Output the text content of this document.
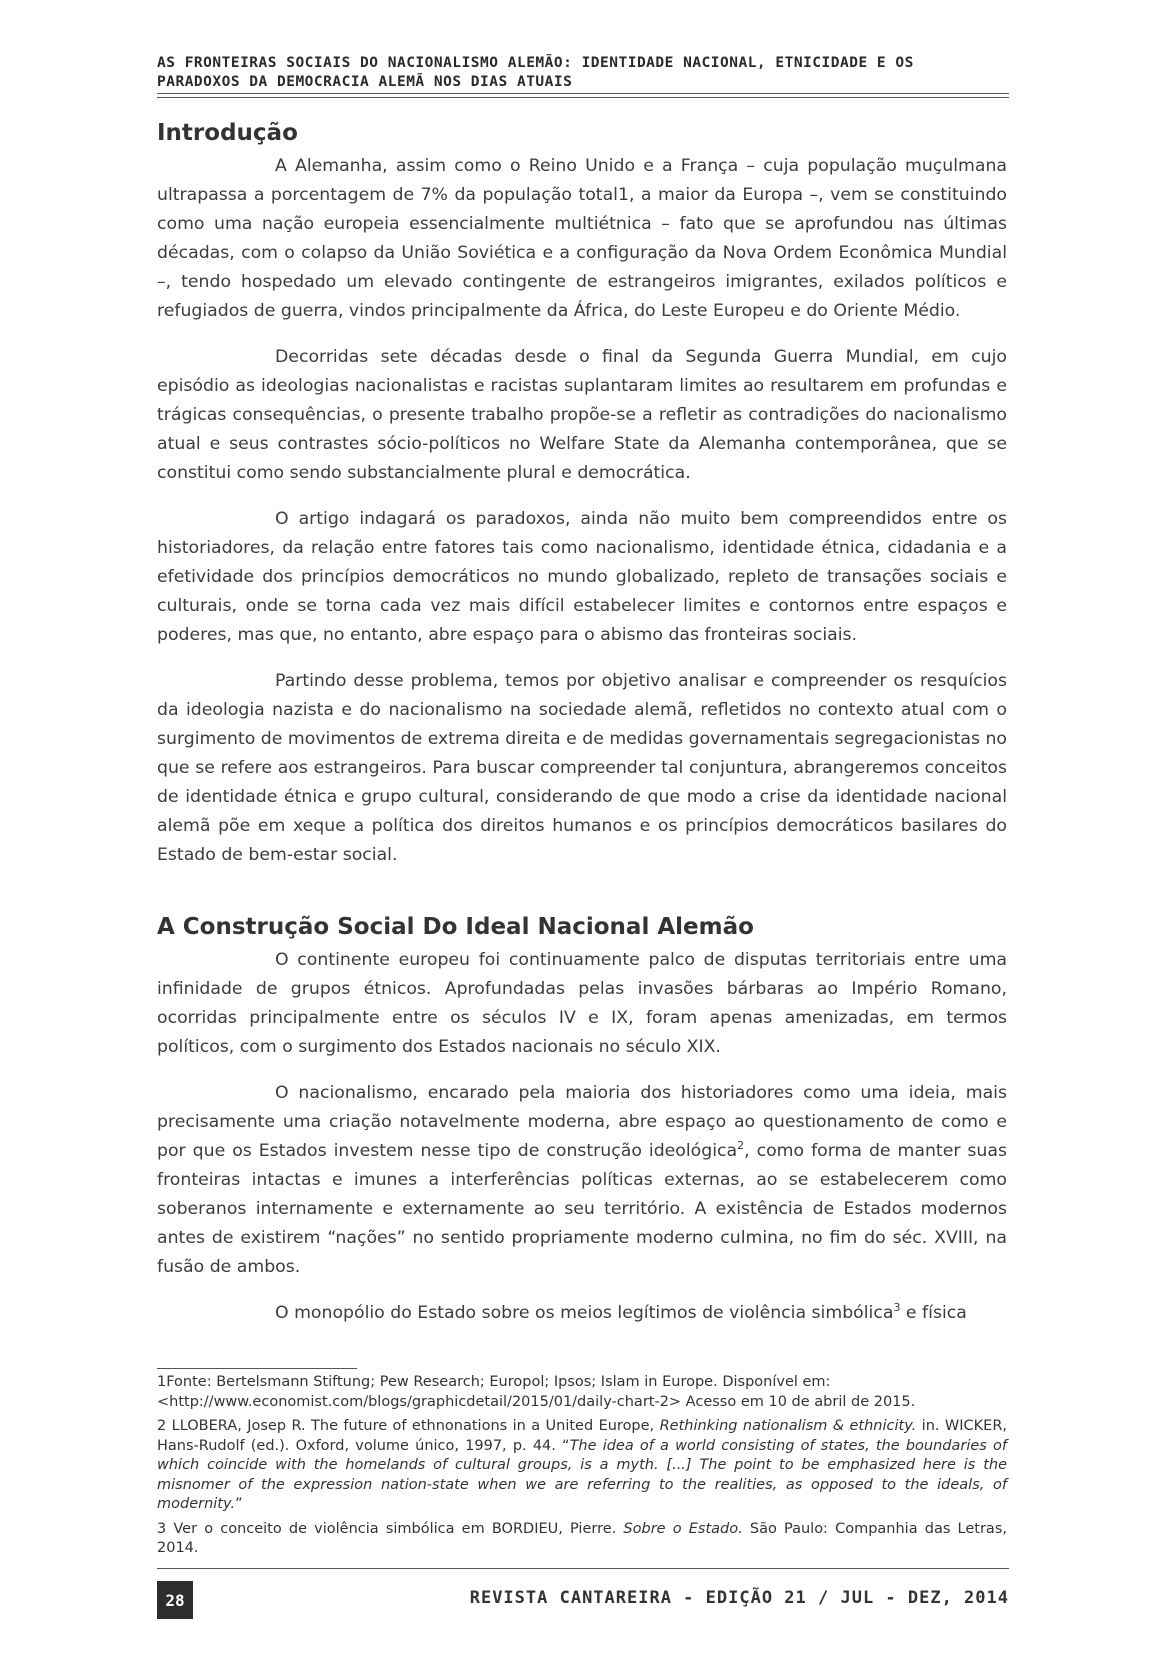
AS FRONTEIRAS SOCIAIS DO NACIONALISMO ALEMÃO: IDENTIDADE NACIONAL, ETNICIDADE E OS
PARADOXOS DA DEMOCRACIA ALEMÃ NOS DIAS ATUAIS
Introdução

A Alemanha, assim como o Reino Unido e a França – cuja população muçulmana ultrapassa a porcentagem de 7% da população total1, a maior da Europa –, vem se constituindo como uma nação europeia essencialmente multiétnica – fato que se aprofundou nas últimas décadas, com o colapso da União Soviética e a configuração da Nova Ordem Econômica Mundial –, tendo hospedado um elevado contingente de estrangeiros imigrantes, exilados políticos e refugiados de guerra, vindos principalmente da África, do Leste Europeu e do Oriente Médio.

Decorridas sete décadas desde o final da Segunda Guerra Mundial, em cujo episódio as ideologias nacionalistas e racistas suplantaram limites ao resultarem em profundas e trágicas consequências, o presente trabalho propõe-se a refletir as contradições do nacionalismo atual e seus contrastes sócio-políticos no Welfare State da Alemanha contemporânea, que se constitui como sendo substancialmente plural e democrática.

O artigo indagará os paradoxos, ainda não muito bem compreendidos entre os historiadores, da relação entre fatores tais como nacionalismo, identidade étnica, cidadania e a efetividade dos princípios democráticos no mundo globalizado, repleto de transações sociais e culturais, onde se torna cada vez mais difícil estabelecer limites e contornos entre espaços e poderes, mas que, no entanto, abre espaço para o abismo das fronteiras sociais.

Partindo desse problema, temos por objetivo analisar e compreender os resquícios da ideologia nazista e do nacionalismo na sociedade alemã, refletidos no contexto atual com o surgimento de movimentos de extrema direita e de medidas governamentais segregacionistas no que se refere aos estrangeiros. Para buscar compreender tal conjuntura, abrangeremos conceitos de identidade étnica e grupo cultural, considerando de que modo a crise da identidade nacional alemã põe em xeque a política dos direitos humanos e os princípios democráticos basilares do Estado de bem-estar social.

A Construção Social Do Ideal Nacional Alemão

O continente europeu foi continuamente palco de disputas territoriais entre uma infinidade de grupos étnicos. Aprofundadas pelas invasões bárbaras ao Império Romano, ocorridas principalmente entre os séculos IV e IX, foram apenas amenizadas, em termos políticos, com o surgimento dos Estados nacionais no século XIX.

O nacionalismo, encarado pela maioria dos historiadores como uma ideia, mais precisamente uma criação notavelmente moderna, abre espaço ao questionamento de como e por que os Estados investem nesse tipo de construção ideológica$^2$, como forma de manter suas fronteiras intactas e imunes a interferências políticas externas, ao se estabelecerem como soberanos internamente e externamente ao seu território. A existência de Estados modernos antes de existirem “nações” no sentido propriamente moderno culmina, no fim do séc. XVIII, na fusão de ambos.

O monopólio do Estado sobre os meios legítimos de violência simbólica$^3$ e física

1Fonte: Bertelsmann Stiftung; Pew Research; Europol; Ipsos; Islam in Europe. Disponível em:
<http://www.economist.com/blogs/graphicdetail/2015/01/daily-chart-2> Acesso em 10 de abril de 2015.
2 LLOBERA, Josep R. The future of ethnonations in a United Europe, Rethinking nationalism & ethnicity. in. WICKER, Hans-Rudolf (ed.). Oxford, volume único, 1997, p. 44. “The idea of a world consisting of states, the boundaries of which coincide with the homelands of cultural groups, is a myth. [...] The point to be emphasized here is the misnomer of the expression nation-state when we are referring to the realities, as opposed to the ideals, of modernity.”
3 Ver o conceito de violência simbólica em BORDIEU, Pierre. Sobre o Estado. São Paulo: Companhia das Letras, 2014.
28	REVISTA CANTAREIRA - EDIÇÃO 21 / JUL - DEZ, 2014
